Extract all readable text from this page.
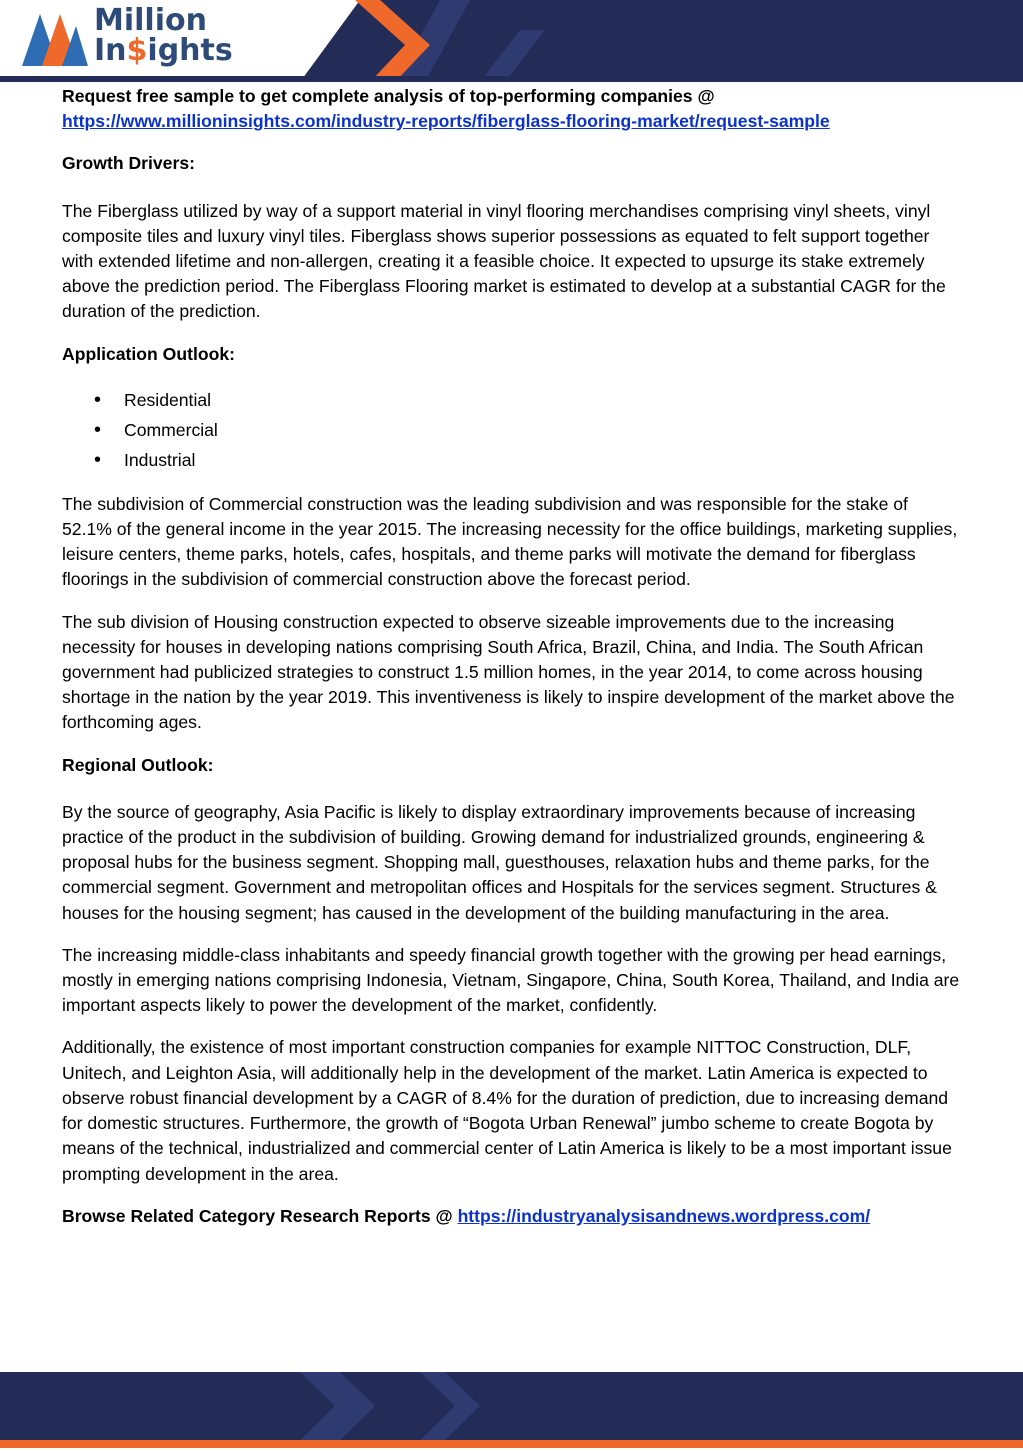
Million
In$ights

Request free sample to get complete analysis of top-performing companies @
https://www.millioninsights.com/industry-reports/fiberglass-flooring-market/request-sample

Growth Drivers:

The Fiberglass utilized by way of a support material in vinyl flooring merchandises comprising vinyl sheets, vinyl composite tiles and luxury vinyl tiles. Fiberglass shows superior possessions as equated to felt support together with extended lifetime and non-allergen, creating it a feasible choice. It expected to upsurge its stake extremely above the prediction period. The Fiberglass Flooring market is estimated to develop at a substantial CAGR for the duration of the prediction.

Application Outlook:

• Residential
• Commercial
• Industrial

The subdivision of Commercial construction was the leading subdivision and was responsible for the stake of 52.1% of the general income in the year 2015. The increasing necessity for the office buildings, marketing supplies, leisure centers, theme parks, hotels, cafes, hospitals, and theme parks will motivate the demand for fiberglass floorings in the subdivision of commercial construction above the forecast period.

The sub division of Housing construction expected to observe sizeable improvements due to the increasing necessity for houses in developing nations comprising South Africa, Brazil, China, and India. The South African government had publicized strategies to construct 1.5 million homes, in the year 2014, to come across housing shortage in the nation by the year 2019. This inventiveness is likely to inspire development of the market above the forthcoming ages.

Regional Outlook:

By the source of geography, Asia Pacific is likely to display extraordinary improvements because of increasing practice of the product in the subdivision of building. Growing demand for industrialized grounds, engineering & proposal hubs for the business segment. Shopping mall, guesthouses, relaxation hubs and theme parks, for the commercial segment. Government and metropolitan offices and Hospitals for the services segment. Structures & houses for the housing segment; has caused in the development of the building manufacturing in the area.

The increasing middle-class inhabitants and speedy financial growth together with the growing per head earnings, mostly in emerging nations comprising Indonesia, Vietnam, Singapore, China, South Korea, Thailand, and India are important aspects likely to power the development of the market, confidently.

Additionally, the existence of most important construction companies for example NITTOC Construction, DLF, Unitech, and Leighton Asia, will additionally help in the development of the market. Latin America is expected to observe robust financial development by a CAGR of 8.4% for the duration of prediction, due to increasing demand for domestic structures. Furthermore, the growth of “Bogota Urban Renewal” jumbo scheme to create Bogota by means of the technical, industrialized and commercial center of Latin America is likely to be a most important issue prompting development in the area.

Browse Related Category Research Reports @ https://industryanalysisandnews.wordpress.com/
